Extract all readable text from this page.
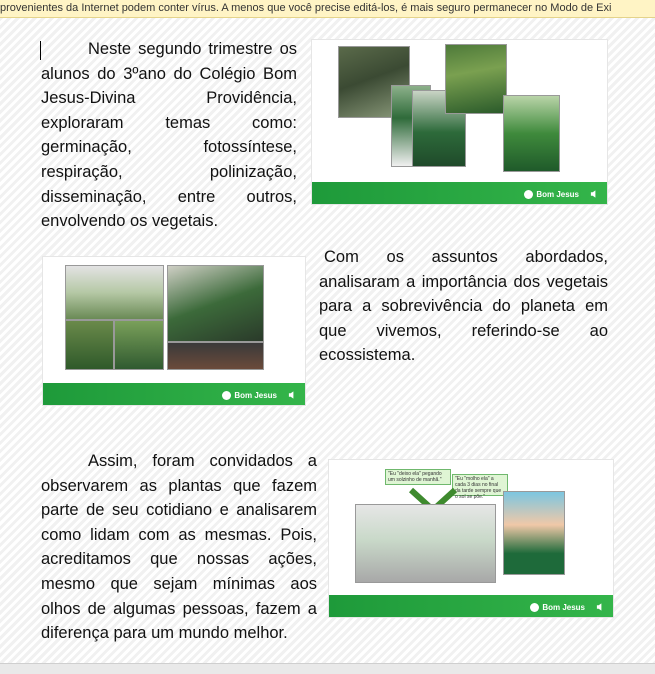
provenientes da Internet podem conter vírus. A menos que você precise editá-los, é mais seguro permanecer no Modo de Exi

Neste segundo trimestre os alunos do 3ºano do Colégio Bom Jesus-Divina Providência, exploraram temas como: germinação, fotossíntese, respiração, polinização, disseminação, entre outros, envolvendo os vegetais.

Bom Jesus
Bom Jesus

Com os assuntos abordados, analisaram a importância dos vegetais para a sobrevivência do planeta em que vivemos, referindo-se ao ecossistema.

Assim, foram convidados a observarem as plantas que fazem parte de seu cotidiano e analisarem como lidam com as mesmas. Pois, acreditamos que nossas ações, mesmo que sejam mínimas aos olhos de algumas pessoas, fazem a diferença para um mundo melhor.

"Eu "deixo ela" pegando um solzinho de manhã."	"Eu "molho ela" a cada 3 dias no final da tarde sempre que o sol se põe."
Bom Jesus
